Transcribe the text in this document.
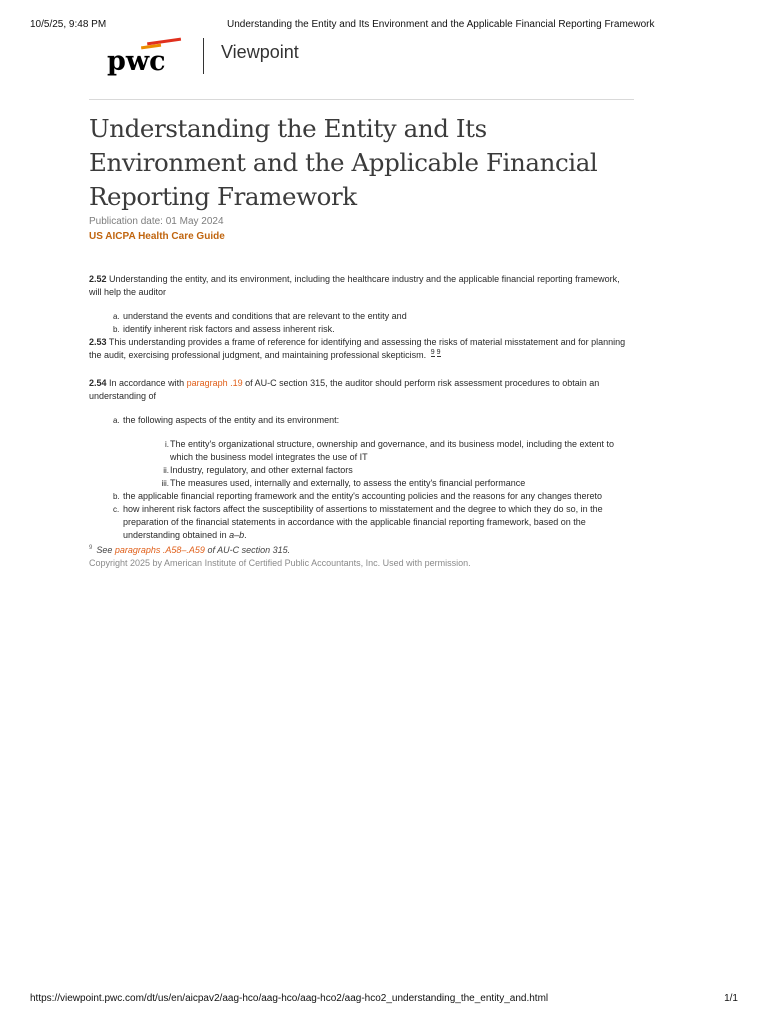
10/5/25, 9:48 PM	Understanding the Entity and Its Environment and the Applicable Financial Reporting Framework
pwc	Viewpoint
Understanding the Entity and Its Environment and the Applicable Financial Reporting Framework
Publication date: 01 May 2024
US AICPA Health Care Guide

2.52 Understanding the entity, and its environment, including the healthcare industry and the applicable financial reporting framework, will help the auditor

a. understand the events and conditions that are relevant to the entity and
b. identify inherent risk factors and assess inherent risk.

2.53 This understanding provides a frame of reference for identifying and assessing the risks of material misstatement and for planning the audit, exercising professional judgment, and maintaining professional skepticism. $^9$ $^9$

2.54 In accordance with paragraph .19 of AU-C section 315, the auditor should perform risk assessment procedures to obtain an understanding of

a. the following aspects of the entity and its environment:
i. The entity's organizational structure, ownership and governance, and its business model, including the extent to which the business model integrates the use of IT
ii. Industry, regulatory, and other external factors
iii. The measures used, internally and externally, to assess the entity's financial performance
b. the applicable financial reporting framework and the entity's accounting policies and the reasons for any changes thereto
c. how inherent risk factors affect the susceptibility of assertions to misstatement and the degree to which they do so, in the preparation of the financial statements in accordance with the applicable financial reporting framework, based on the understanding obtained in a–b.

$^9$ See paragraphs .A58–.A59 of AU-C section 315.

Copyright 2025 by American Institute of Certified Public Accountants, Inc. Used with permission.

https://viewpoint.pwc.com/dt/us/en/aicpav2/aag-hco/aag-hco/aag-hco2/aag-hco2_understanding_the_entity_and.html	1/1
